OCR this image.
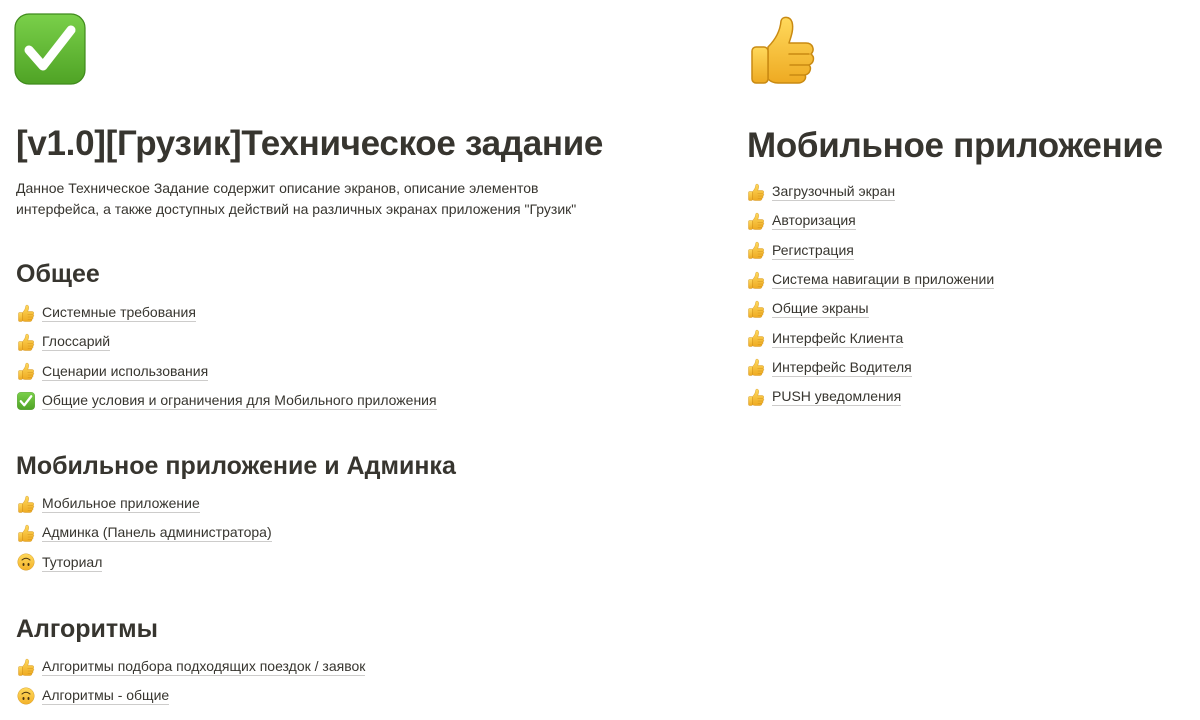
[v1.0][Грузик]Техническое задание

Данное Техническое Задание содержит описание экранов, описание элементов
интерфейса, а также доступных действий на различных экранах приложения "Грузик"

Общее
Системные требования
Глоссарий
Сценарии использования
Общие условия и ограничения для Мобильного приложения
Мобильное приложение и Админка
Мобильное приложение
Админка (Панель администратора)
Туториал
Алгоритмы
Алгоритмы подбора подходящих поездок / заявок
Алгоритмы - общие
Мобильное приложение
Загрузочный экран
Авторизация
Регистрация
Система навигации в приложении
Общие экраны
Интерфейс Клиента
Интерфейс Водителя
PUSH уведомления
